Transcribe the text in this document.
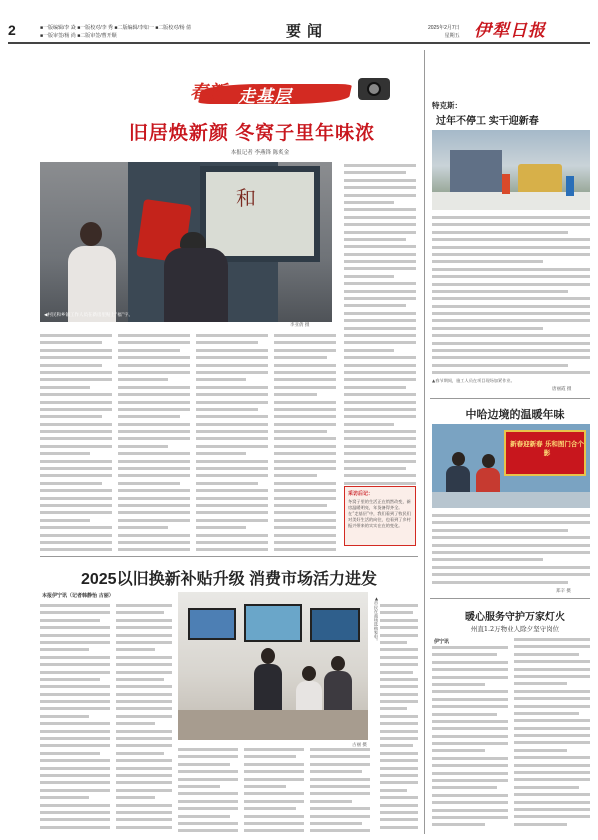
2	■一版编辑/李 焱 ■一版校对/李 秀 ■二版编辑/李如一 ■二版校对/杨 倩
■一版审签/杨 尚 ■二版审签/曹开顺	要闻	2025年2月7日
星期五 伊犁日报
春新 走基层
旧居焕新颜 冬窝子里年味浓
本报记者 李燕锋 陈炙金
和
◀村民和乡镇工作人员在新房里贴上“福”字。
李亚倩 摄
采访后记：
冬窝子里的生活正在悄然改变，新房温暖明亮，年货备得齐全。在“走基层”中，我们看到了牧民们对美好生活的向往，也看到了乡村振兴带来的实实在在的变化。
2025以旧换新补贴升级 消费市场活力进发
本报伊宁讯（记者韩静怡 古丽）	▲市民在商场选购家电。
古丽 摄
特克斯：
过年不停工 实干迎新春
▲春节期间，施工人员在项目现场加紧作业。
唐丽霞 摄
中哈边境的温暖年味
新春迎新春 乐和图门合个影
郑辛 摄
暖心服务守护万家灯火
州直1.2万物业人除夕坚守岗位
伊宁讯
